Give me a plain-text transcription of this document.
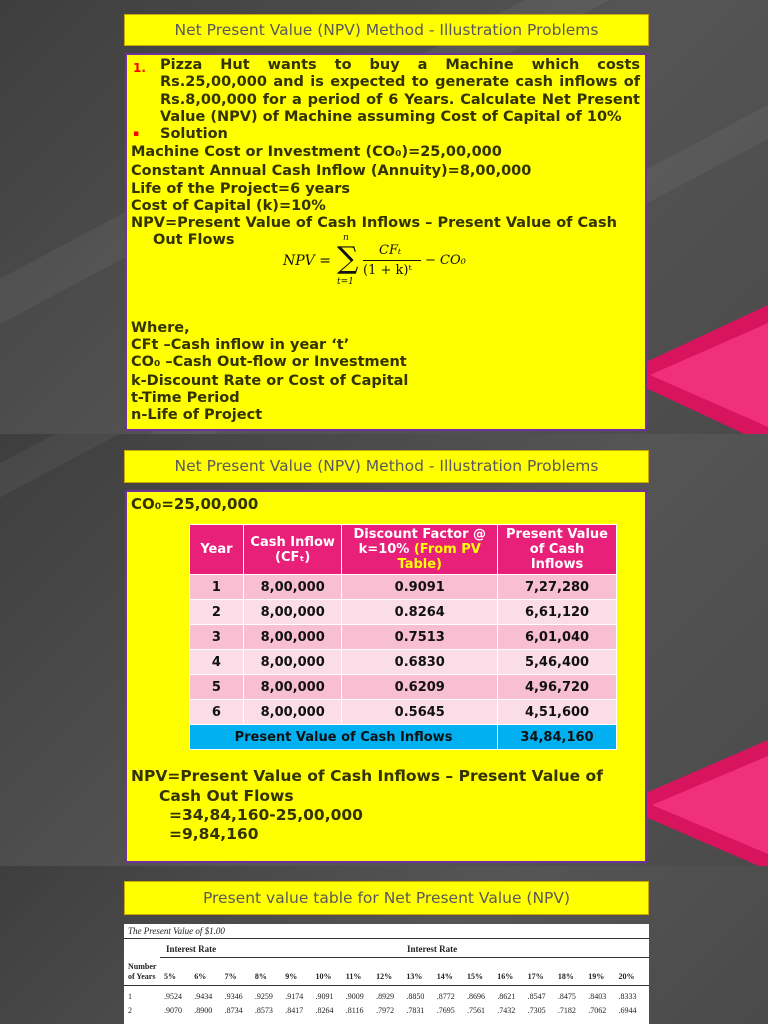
Net Present Value (NPV) Method - Illustration Problems
1. Pizza Hut wants to buy a Machine which costs Rs.25,00,000 and is expected to generate cash inflows of Rs.8,00,000 for a period of 6 Years. Calculate Net Present Value (NPV) of Machine assuming Cost of Capital of 10%
▪ Solution
Machine Cost or Investment (CO₀)=25,00,000
Constant Annual Cash Inflow (Annuity)=8,00,000
Life of the Project=6 years
Cost of Capital (k)=10%
NPV=Present Value of Cash Inflows – Present Value of Cash
Out Flows
NPV =
n
∑
t=1
CFₜ
(1 + k)ᵗ
− CO₀
Where,
CFt –Cash inflow in year ‘t’
CO₀ –Cash Out-flow or Investment
k-Discount Rate or Cost of Capital
t-Time Period
n-Life of Project
Net Present Value (NPV) Method - Illustration Problems
CO₀=25,00,000
Year	Cash Inflow (CFₜ)	Discount Factor @ k=10% (From PV Table)	Present Value of Cash Inflows
1	8,00,000	0.9091	7,27,280
2	8,00,000	0.8264	6,61,120
3	8,00,000	0.7513	6,01,040
4	8,00,000	0.6830	5,46,400
5	8,00,000	0.6209	4,96,720
6	8,00,000	0.5645	4,51,600
Present Value of Cash Inflows			34,84,160
NPV=Present Value of Cash Inflows – Present Value of
Cash Out Flows
=34,84,160-25,00,000
=9,84,160
Present value table for Net Present Value (NPV)
The Present Value of $1.00
Interest Rate	Interest Rate
Number
of Years 5% 6% 7% 8% 9% 10% 11% 12% 13% 14% 15% 16% 17% 18% 19% 20%
1	.9524 .9434 .9346 .9259 .9174 .9091 .9009 .8929 .8850 .8772 .8696 .8621 .8547 .8475 .8403 .8333
2	.9070 .8900 .8734 .8573 .8417 .8264 .8116 .7972 .7831 .7695 .7561 .7432 .7305 .7182 .7062 .6944
